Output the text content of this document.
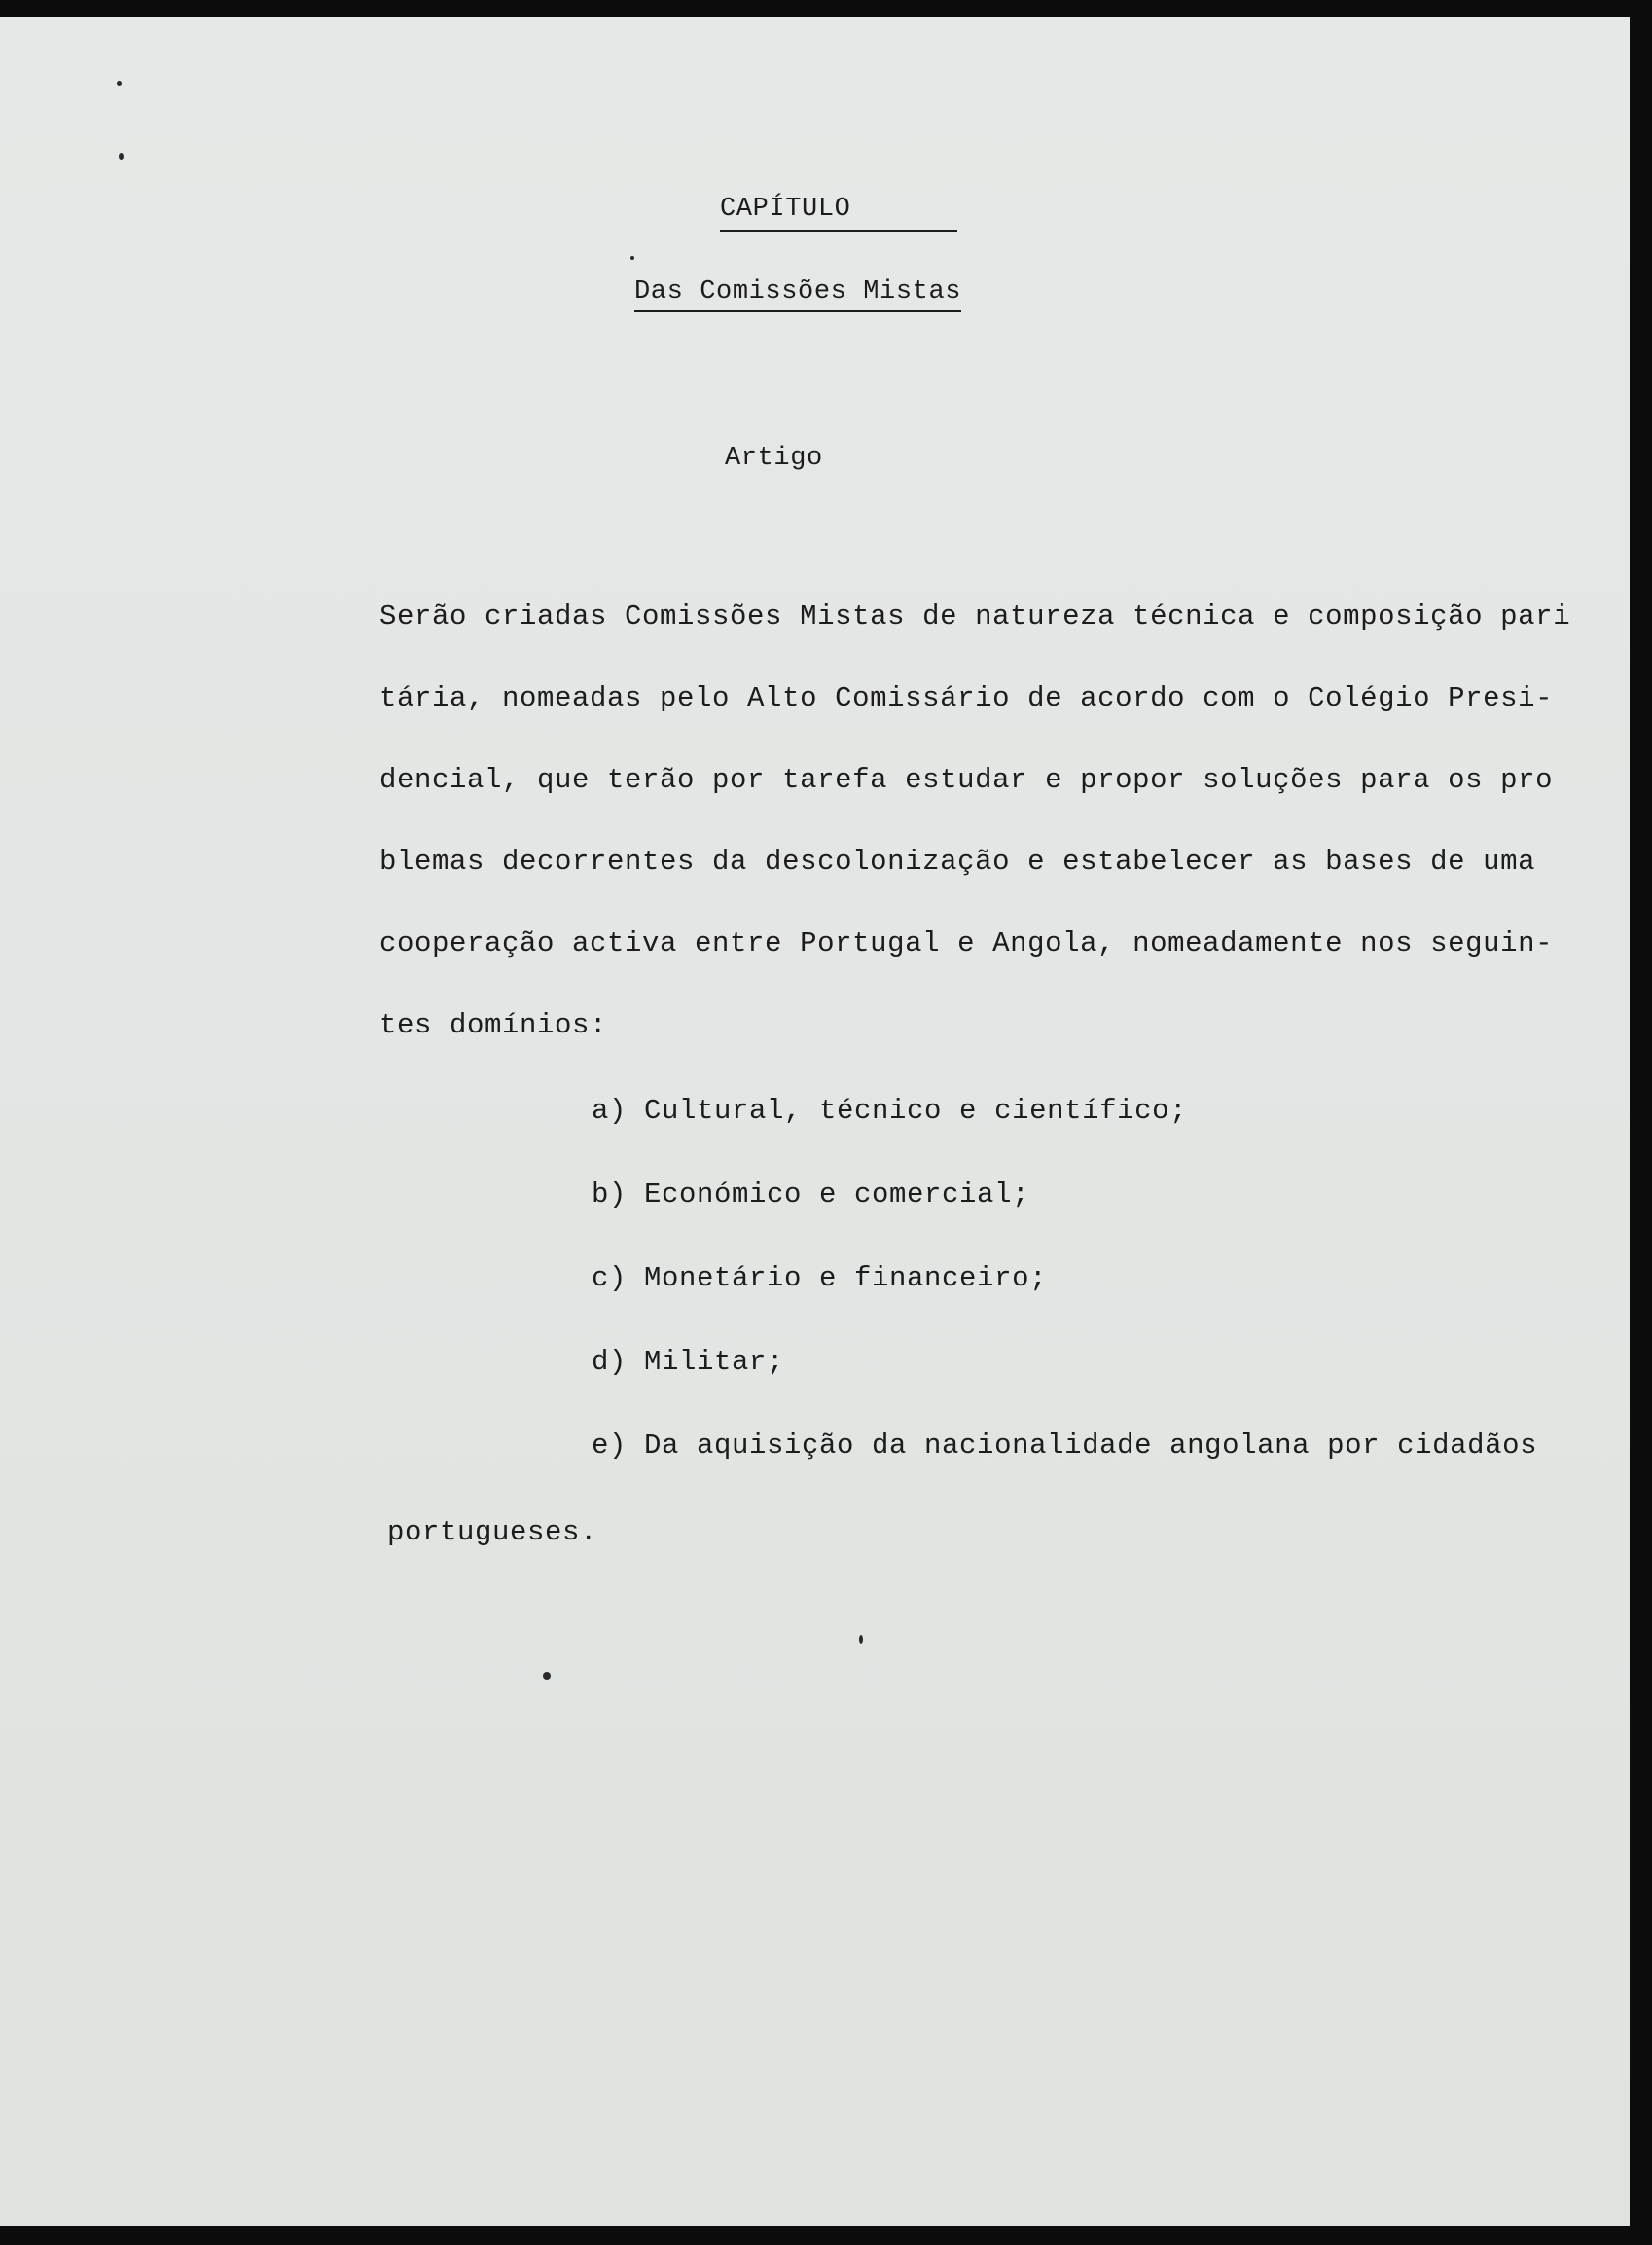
CAPÍTULO
Das Comissões Mistas
Artigo
Serão criadas Comissões Mistas de natureza técnica e composição pari
tária, nomeadas pelo Alto Comissário de acordo com o Colégio Presi-
dencial, que terão por tarefa estudar e propor soluções para os pro
blemas decorrentes da descolonização e estabelecer as bases de uma
cooperação activa entre Portugal e Angola, nomeadamente nos seguin-
tes domínios:
a) Cultural, técnico e científico;
b) Económico e comercial;
c) Monetário e financeiro;
d) Militar;
e) Da aquisição da nacionalidade angolana por cidadãos
portugueses.
